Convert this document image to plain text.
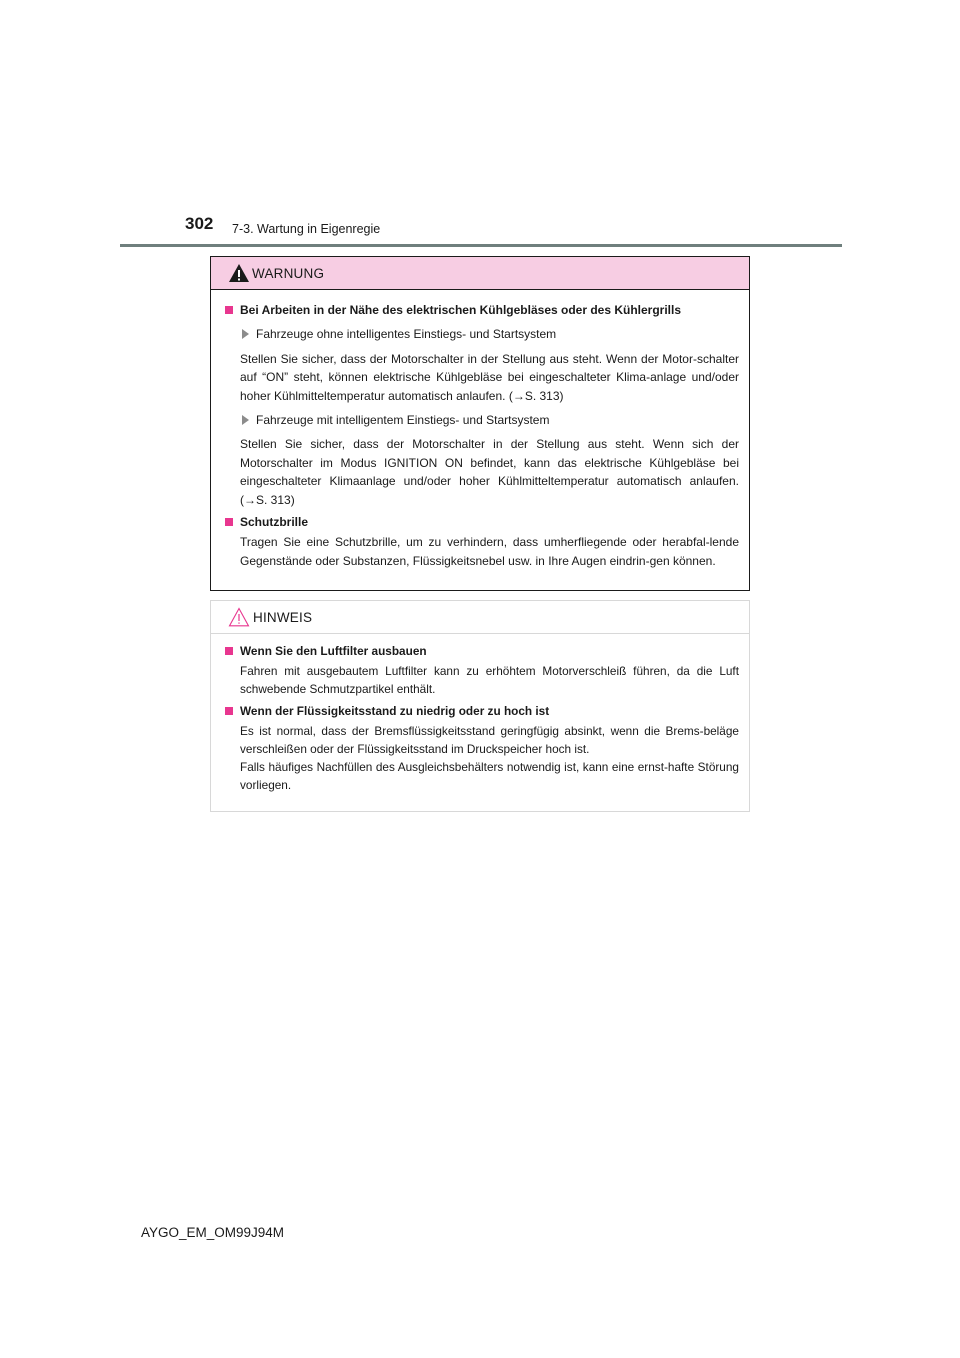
302 7-3. Wartung in Eigenregie
WARNUNG

Bei Arbeiten in der Nähe des elektrischen Kühlgebläses oder des Kühlergrills

Fahrzeuge ohne intelligentes Einstiegs- und Startsystem

Stellen Sie sicher, dass der Motorschalter in der Stellung aus steht. Wenn der Motor-schalter auf “ON” steht, können elektrische Kühlgebläse bei eingeschalteter Klima-anlage und/oder hoher Kühlmitteltemperatur automatisch anlaufen. (→S. 313)

Fahrzeuge mit intelligentem Einstiegs- und Startsystem

Stellen Sie sicher, dass der Motorschalter in der Stellung aus steht. Wenn sich der Motorschalter im Modus IGNITION ON befindet, kann das elektrische Kühlgebläse bei eingeschalteter Klimaanlage und/oder hoher Kühlmitteltemperatur automatisch anlaufen. (→S. 313)

Schutzbrille

Tragen Sie eine Schutzbrille, um zu verhindern, dass umherfliegende oder herabfal-lende Gegenstände oder Substanzen, Flüssigkeitsnebel usw. in Ihre Augen eindrin-gen können.

HINWEIS

Wenn Sie den Luftfilter ausbauen

Fahren mit ausgebautem Luftfilter kann zu erhöhtem Motorverschleiß führen, da die Luft schwebende Schmutzpartikel enthält.

Wenn der Flüssigkeitsstand zu niedrig oder zu hoch ist

Es ist normal, dass der Bremsflüssigkeitsstand geringfügig absinkt, wenn die Brems-beläge verschleißen oder der Flüssigkeitsstand im Druckspeicher hoch ist.

Falls häufiges Nachfüllen des Ausgleichsbehälters notwendig ist, kann eine ernst-hafte Störung vorliegen.

AYGO_EM_OM99J94M
